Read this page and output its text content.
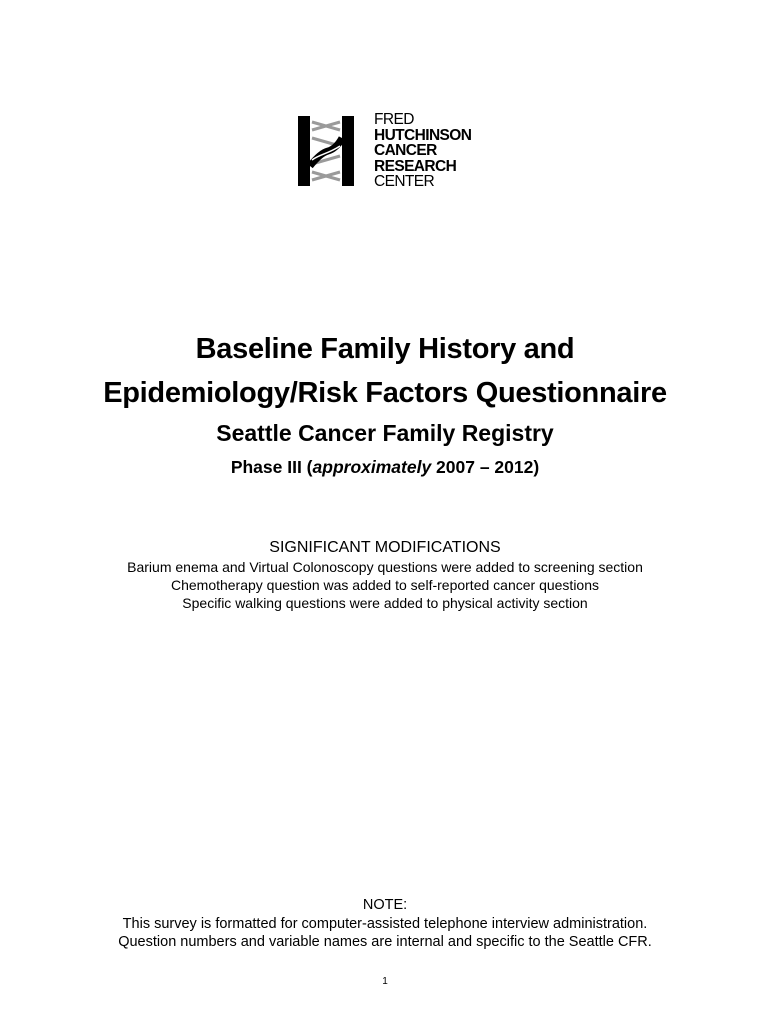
FRED
HUTCHINSON
CANCER
RESEARCH
CENTER
Baseline Family History and
Epidemiology/Risk Factors Questionnaire
Seattle Cancer Family Registry
Phase III (approximately 2007 – 2012)
SIGNIFICANT MODIFICATIONS
Barium enema and Virtual Colonoscopy questions were added to screening section
Chemotherapy question was added to self-reported cancer questions
Specific walking questions were added to physical activity section
NOTE:
This survey is formatted for computer-assisted telephone interview administration.
Question numbers and variable names are internal and specific to the Seattle CFR.
1
